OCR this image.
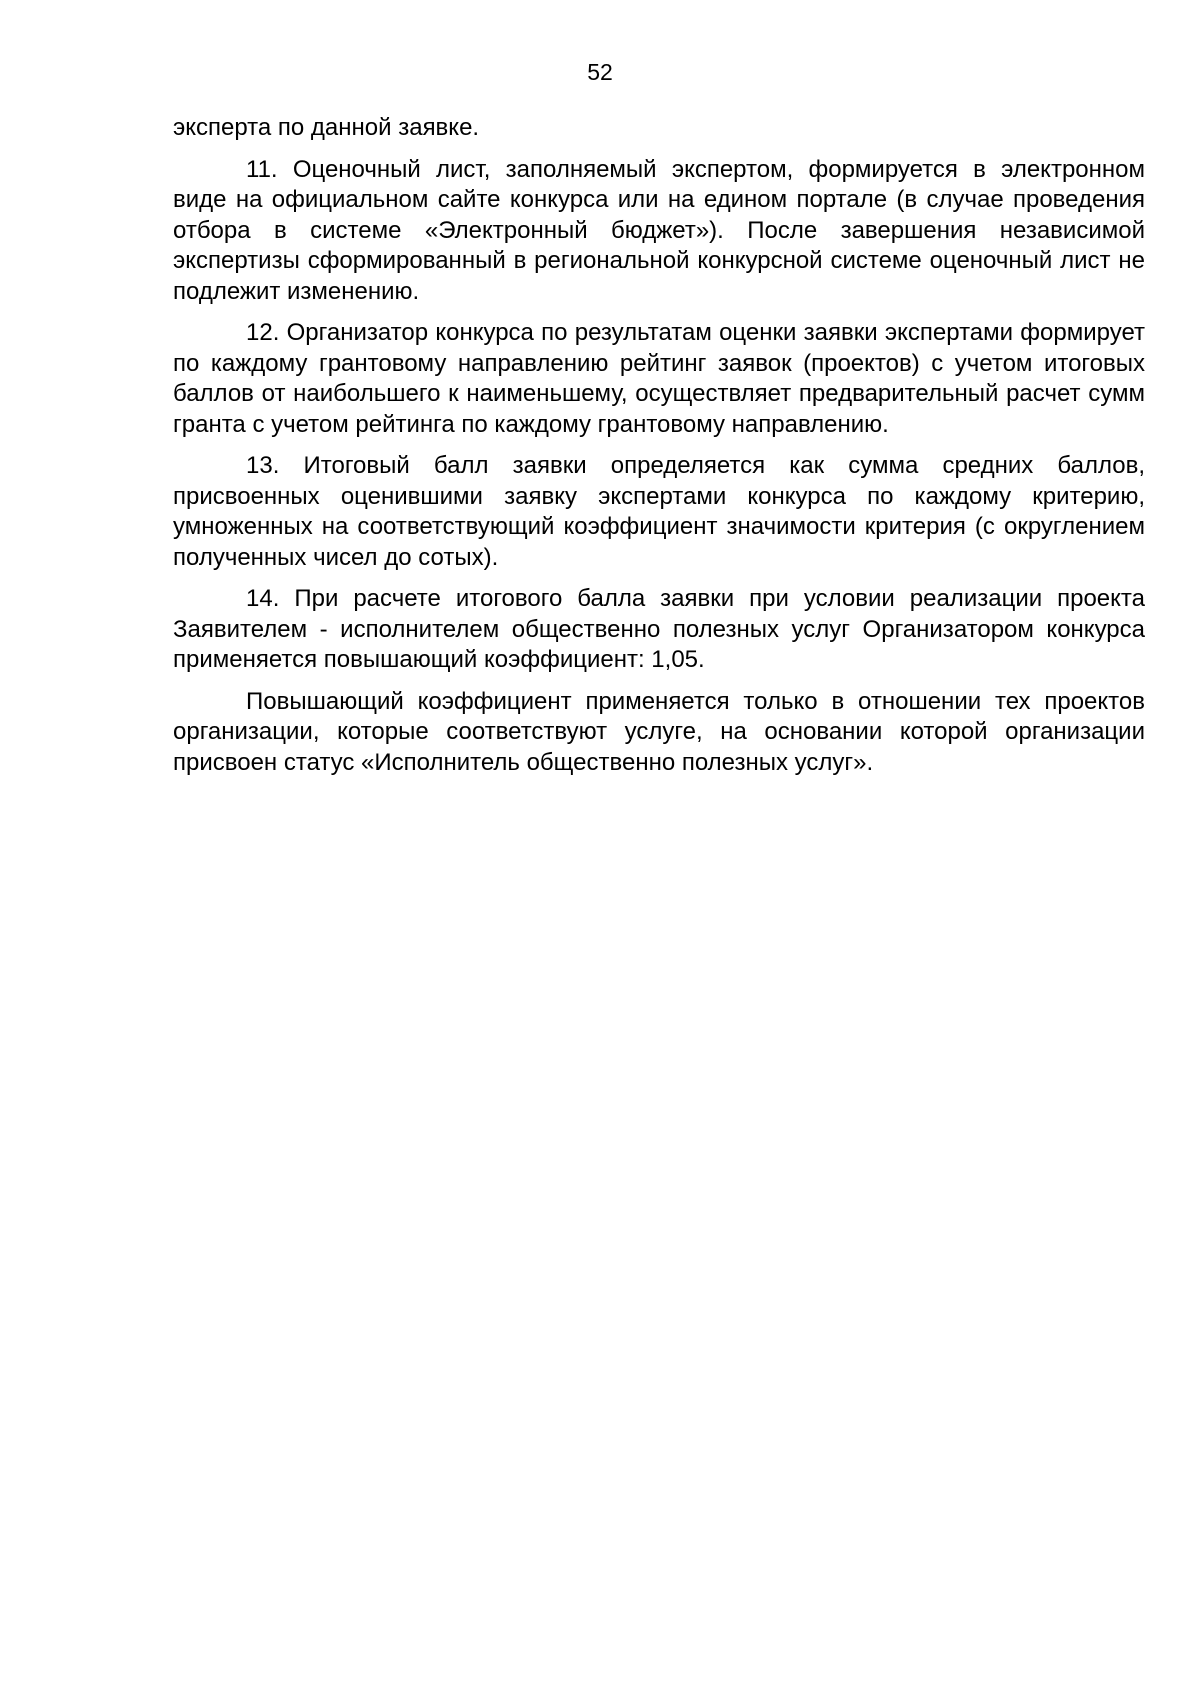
52

эксперта по данной заявке.

11. Оценочный лист, заполняемый экспертом, формируется в электронном виде на официальном сайте конкурса или на едином портале (в случае проведения отбора в системе «Электронный бюджет»). После завершения независимой экспертизы сформированный в региональной конкурсной системе оценочный лист не подлежит изменению.

12. Организатор конкурса по результатам оценки заявки экспертами формирует по каждому грантовому направлению рейтинг заявок (проектов) с учетом итоговых баллов от наибольшего к наименьшему, осуществляет предварительный расчет сумм гранта с учетом рейтинга по каждому грантовому направлению.

13. Итоговый балл заявки определяется как сумма средних баллов, присвоенных оценившими заявку экспертами конкурса по каждому критерию, умноженных на соответствующий коэффициент значимости критерия (с округлением полученных чисел до сотых).

14. При расчете итогового балла заявки при условии реализации проекта Заявителем - исполнителем общественно полезных услуг Организатором конкурса применяется повышающий коэффициент: 1,05.

Повышающий коэффициент применяется только в отношении тех проектов организации, которые соответствуют услуге, на основании которой организации присвоен статус «Исполнитель общественно полезных услуг».
